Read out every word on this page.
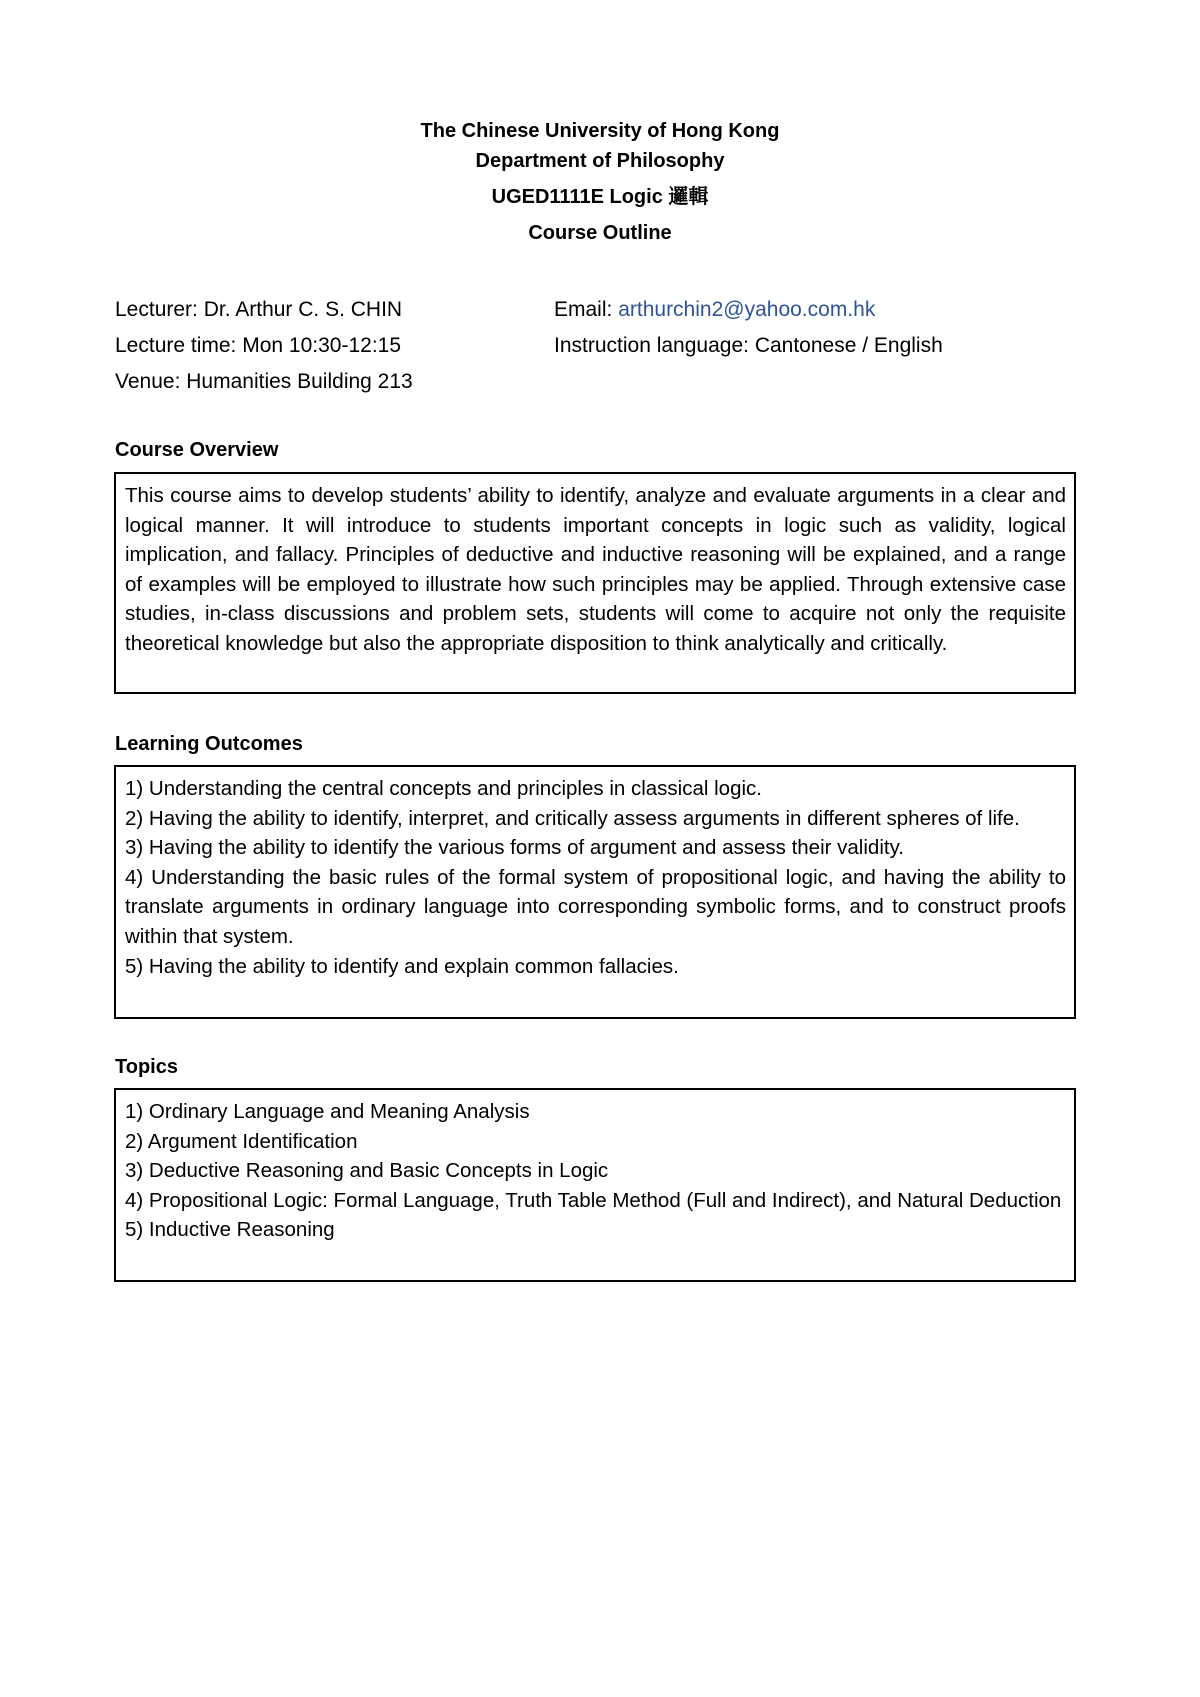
The Chinese University of Hong Kong
Department of Philosophy
UGED1111E Logic 邏輯
Course Outline
Lecturer: Dr. Arthur C. S. CHIN
Lecture time: Mon 10:30-12:15
Venue: Humanities Building 213
Email: arthurchin2@yahoo.com.hk
Instruction language: Cantonese / English
Course Overview

This course aims to develop students’ ability to identify, analyze and evaluate arguments in a clear and logical manner. It will introduce to students important concepts in logic such as validity, logical implication, and fallacy. Principles of deductive and inductive reasoning will be explained, and a range of examples will be employed to illustrate how such principles may be applied. Through extensive case studies, in-class discussions and problem sets, students will come to acquire not only the requisite theoretical knowledge but also the appropriate disposition to think analytically and critically.

Learning Outcomes

1) Understanding the central concepts and principles in classical logic.

2) Having the ability to identify, interpret, and critically assess arguments in different spheres of life.

3) Having the ability to identify the various forms of argument and assess their validity.

4) Understanding the basic rules of the formal system of propositional logic, and having the ability to translate arguments in ordinary language into corresponding symbolic forms, and to construct proofs within that system.

5) Having the ability to identify and explain common fallacies.

Topics

1) Ordinary Language and Meaning Analysis

2) Argument Identification

3) Deductive Reasoning and Basic Concepts in Logic

4) Propositional Logic: Formal Language, Truth Table Method (Full and Indirect), and Natural Deduction

5) Inductive Reasoning
